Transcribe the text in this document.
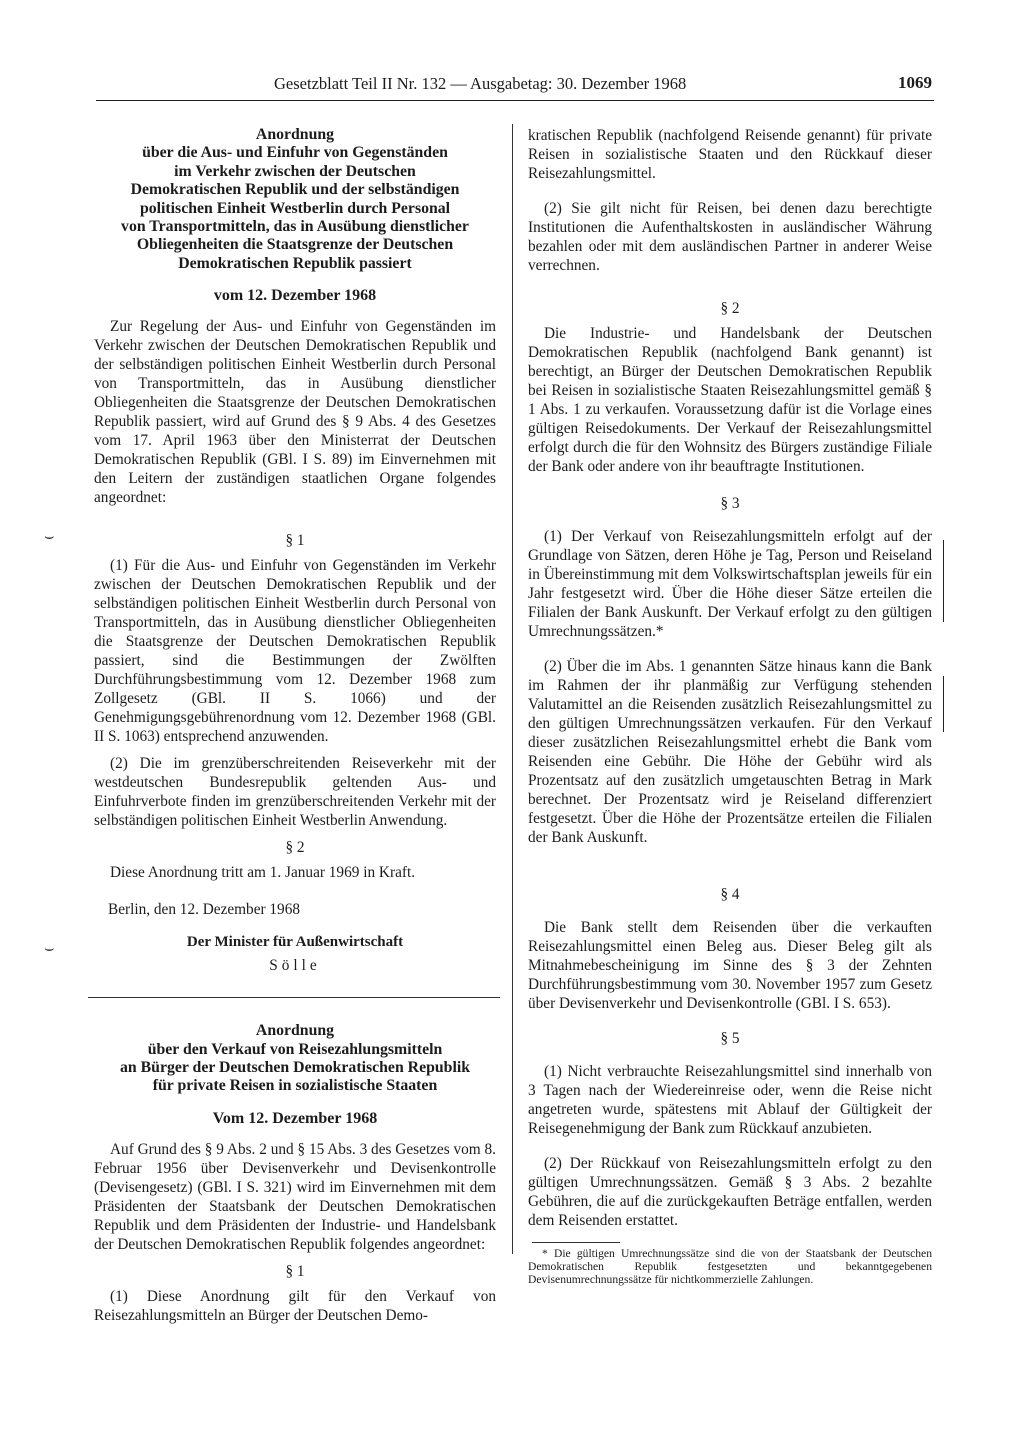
Gesetzblatt Teil II Nr. 132 — Ausgabetag: 30. Dezember 1968	1069

Anordnung

über die Aus- und Einfuhr von Gegenständen

im Verkehr zwischen der Deutschen

Demokratischen Republik und der selbständigen

politischen Einheit Westberlin durch Personal

von Transportmitteln, das in Ausübung dienstlicher

Obliegenheiten die Staatsgrenze der Deutschen

Demokratischen Republik passiert

vom 12. Dezember 1968

Zur Regelung der Aus- und Einfuhr von Gegenständen im Verkehr zwischen der Deutschen Demokratischen Republik und der selbständigen politischen Einheit Westberlin durch Personal von Transportmitteln, das in Ausübung dienstlicher Obliegenheiten die Staatsgrenze der Deutschen Demokratischen Republik passiert, wird auf Grund des § 9 Abs. 4 des Gesetzes vom 17. April 1963 über den Ministerrat der Deutschen Demokratischen Republik (GBl. I S. 89) im Einvernehmen mit den Leitern der zuständigen staatlichen Organe folgendes angeordnet:

§ 1

(1) Für die Aus- und Einfuhr von Gegenständen im Verkehr zwischen der Deutschen Demokratischen Republik und der selbständigen politischen Einheit Westberlin durch Personal von Transportmitteln, das in Ausübung dienstlicher Obliegenheiten die Staatsgrenze der Deutschen Demokratischen Republik passiert, sind die Bestimmungen der Zwölften Durchführungsbestimmung vom 12. Dezember 1968 zum Zollgesetz (GBl. II S. 1066) und der Genehmigungsgebührenordnung vom 12. Dezember 1968 (GBl. II S. 1063) entsprechend anzuwenden.

(2) Die im grenzüberschreitenden Reiseverkehr mit der westdeutschen Bundesrepublik geltenden Aus- und Einfuhrverbote finden im grenzüberschreitenden Verkehr mit der selbständigen politischen Einheit Westberlin Anwendung.

§ 2

Diese Anordnung tritt am 1. Januar 1969 in Kraft.

Berlin, den 12. Dezember 1968

Der Minister für Außenwirtschaft

Sölle

Anordnung

über den Verkauf von Reisezahlungsmitteln

an Bürger der Deutschen Demokratischen Republik

für private Reisen in sozialistische Staaten

Vom 12. Dezember 1968

Auf Grund des § 9 Abs. 2 und § 15 Abs. 3 des Gesetzes vom 8. Februar 1956 über Devisenverkehr und Devisenkontrolle (Devisengesetz) (GBl. I S. 321) wird im Einvernehmen mit dem Präsidenten der Staatsbank der Deutschen Demokratischen Republik und dem Präsidenten der Industrie- und Handelsbank der Deutschen Demokratischen Republik folgendes angeordnet:

§ 1

(1) Diese Anordnung gilt für den Verkauf von Reisezahlungsmitteln an Bürger der Deutschen Demo-

kratischen Republik (nachfolgend Reisende genannt) für private Reisen in sozialistische Staaten und den Rückkauf dieser Reisezahlungsmittel.

(2) Sie gilt nicht für Reisen, bei denen dazu berechtigte Institutionen die Aufenthaltskosten in ausländischer Währung bezahlen oder mit dem ausländischen Partner in anderer Weise verrechnen.

§ 2

Die Industrie- und Handelsbank der Deutschen Demokratischen Republik (nachfolgend Bank genannt) ist berechtigt, an Bürger der Deutschen Demokratischen Republik bei Reisen in sozialistische Staaten Reisezahlungsmittel gemäß § 1 Abs. 1 zu verkaufen. Voraussetzung dafür ist die Vorlage eines gültigen Reisedokuments. Der Verkauf der Reisezahlungsmittel erfolgt durch die für den Wohnsitz des Bürgers zuständige Filiale der Bank oder andere von ihr beauftragte Institutionen.

§ 3

(1) Der Verkauf von Reisezahlungsmitteln erfolgt auf der Grundlage von Sätzen, deren Höhe je Tag, Person und Reiseland in Übereinstimmung mit dem Volkswirtschaftsplan jeweils für ein Jahr festgesetzt wird. Über die Höhe dieser Sätze erteilen die Filialen der Bank Auskunft. Der Verkauf erfolgt zu den gültigen Umrechnungssätzen.*

(2) Über die im Abs. 1 genannten Sätze hinaus kann die Bank im Rahmen der ihr planmäßig zur Verfügung stehenden Valutamittel an die Reisenden zusätzlich Reisezahlungsmittel zu den gültigen Umrechnungssätzen verkaufen. Für den Verkauf dieser zusätzlichen Reisezahlungsmittel erhebt die Bank vom Reisenden eine Gebühr. Die Höhe der Gebühr wird als Prozentsatz auf den zusätzlich umgetauschten Betrag in Mark berechnet. Der Prozentsatz wird je Reiseland differenziert festgesetzt. Über die Höhe der Prozentsätze erteilen die Filialen der Bank Auskunft.

§ 4

Die Bank stellt dem Reisenden über die verkauften Reisezahlungsmittel einen Beleg aus. Dieser Beleg gilt als Mitnahmebescheinigung im Sinne des § 3 der Zehnten Durchführungsbestimmung vom 30. November 1957 zum Gesetz über Devisenverkehr und Devisenkontrolle (GBl. I S. 653).

§ 5

(1) Nicht verbrauchte Reisezahlungsmittel sind innerhalb von 3 Tagen nach der Wiedereinreise oder, wenn die Reise nicht angetreten wurde, spätestens mit Ablauf der Gültigkeit der Reisegenehmigung der Bank zum Rückkauf anzubieten.

(2) Der Rückkauf von Reisezahlungsmitteln erfolgt zu den gültigen Umrechnungssätzen. Gemäß § 3 Abs. 2 bezahlte Gebühren, die auf die zurückgekauften Beträge entfallen, werden dem Reisenden erstattet.

* Die gültigen Umrechnungssätze sind die von der Staatsbank der Deutschen Demokratischen Republik festgesetzten und bekanntgegebenen Devisenumrechnungssätze für nichtkommerzielle Zahlungen.

⌣
⌣
